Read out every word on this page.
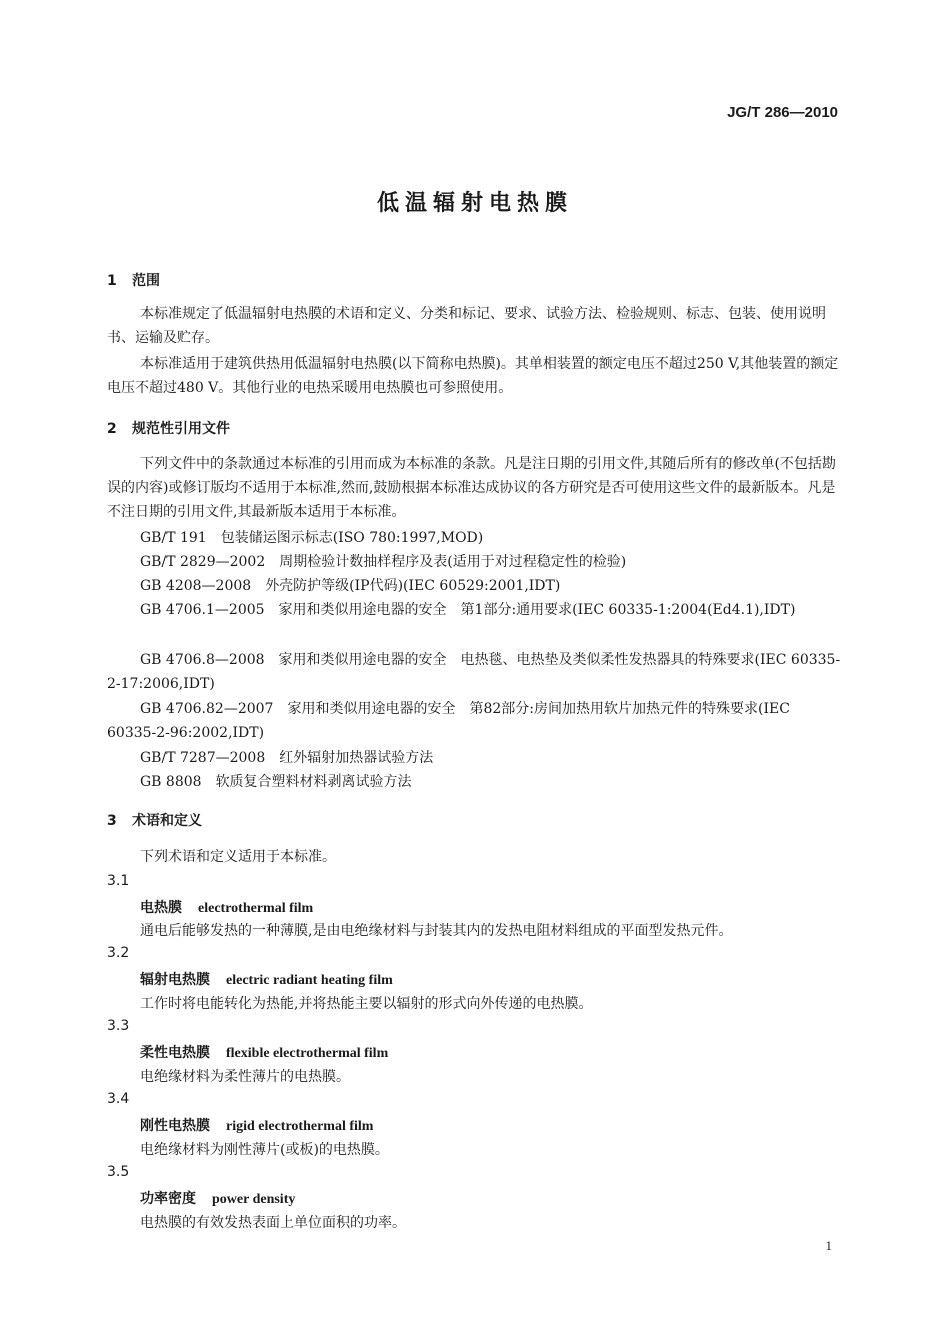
JG/T 286—2010
低温辐射电热膜
1 范围
本标准规定了低温辐射电热膜的术语和定义、分类和标记、要求、试验方法、检验规则、标志、包装、使用说明书、运输及贮存。
本标准适用于建筑供热用低温辐射电热膜(以下简称电热膜)。其单相装置的额定电压不超过250 V,其他装置的额定电压不超过480 V。其他行业的电热采暖用电热膜也可参照使用。
2 规范性引用文件
下列文件中的条款通过本标准的引用而成为本标准的条款。凡是注日期的引用文件,其随后所有的修改单(不包括勘误的内容)或修订版均不适用于本标准,然而,鼓励根据本标准达成协议的各方研究是否可使用这些文件的最新版本。凡是不注日期的引用文件,其最新版本适用于本标准。
GB/T 191 包装储运图示标志(ISO 780:1997,MOD)
GB/T 2829—2002 周期检验计数抽样程序及表(适用于对过程稳定性的检验)
GB 4208—2008 外壳防护等级(IP代码)(IEC 60529:2001,IDT)
GB 4706.1—2005 家用和类似用途电器的安全　第1部分:通用要求(IEC 60335-1:2004(Ed4.1),IDT)
GB 4706.8—2008 家用和类似用途电器的安全　电热毯、电热垫及类似柔性发热器具的特殊要求(IEC 60335-2-17:2006,IDT)
GB 4706.82—2007 家用和类似用途电器的安全　第82部分:房间加热用软片加热元件的特殊要求(IEC 60335-2-96:2002,IDT)
GB/T 7287—2008 红外辐射加热器试验方法
GB 8808 软质复合塑料材料剥离试验方法
3 术语和定义
下列术语和定义适用于本标准。
3.1
电热膜 electrothermal film
通电后能够发热的一种薄膜,是由电绝缘材料与封装其内的发热电阻材料组成的平面型发热元件。
3.2
辐射电热膜 electric radiant heating film
工作时将电能转化为热能,并将热能主要以辐射的形式向外传递的电热膜。
3.3
柔性电热膜 flexible electrothermal film
电绝缘材料为柔性薄片的电热膜。
3.4
刚性电热膜 rigid electrothermal film
电绝缘材料为刚性薄片(或板)的电热膜。
3.5
功率密度 power density
电热膜的有效发热表面上单位面积的功率。
1
